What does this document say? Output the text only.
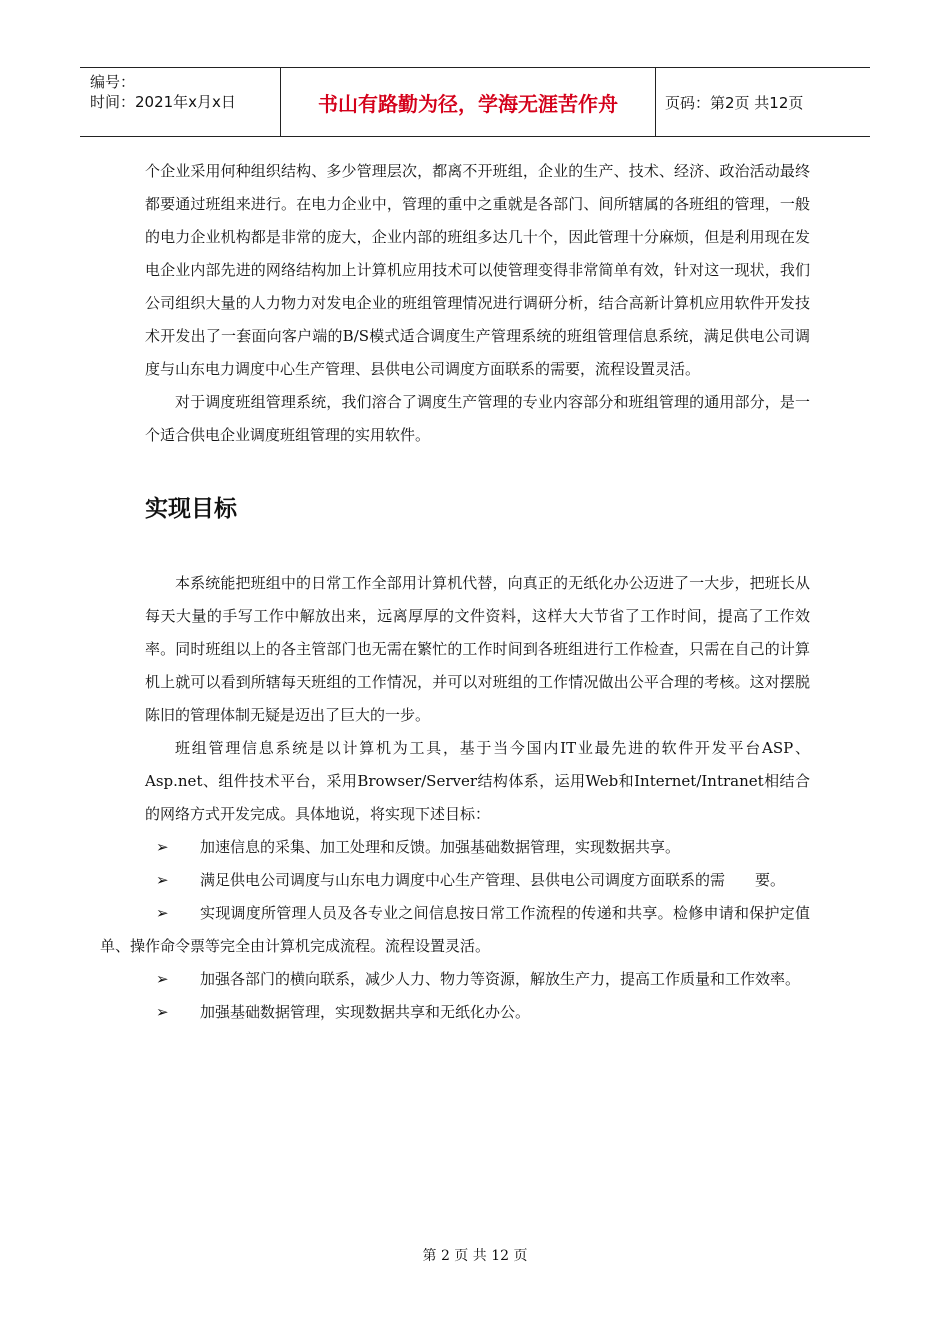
编号：
时间：2021年x月x日	书山有路勤为径，学海无涯苦作舟	页码：第2页 共12页

个企业采用何种组织结构、多少管理层次，都离不开班组，企业的生产、技术、经济、政治活动最终都要通过班组来进行。在电力企业中，管理的重中之重就是各部门、间所辖属的各班组的管理，一般的电力企业机构都是非常的庞大，企业内部的班组多达几十个，因此管理十分麻烦，但是利用现在发电企业内部先进的网络结构加上计算机应用技术可以使管理变得非常简单有效，针对这一现状，我们公司组织大量的人力物力对发电企业的班组管理情况进行调研分析，结合高新计算机应用软件开发技术开发出了一套面向客户端的B/S模式适合调度生产管理系统的班组管理信息系统，满足供电公司调度与山东电力调度中心生产管理、县供电公司调度方面联系的需要，流程设置灵活。

对于调度班组管理系统，我们溶合了调度生产管理的专业内容部分和班组管理的通用部分，是一个适合供电企业调度班组管理的实用软件。

实现目标

本系统能把班组中的日常工作全部用计算机代替，向真正的无纸化办公迈进了一大步，把班长从每天大量的手写工作中解放出来，远离厚厚的文件资料，这样大大节省了工作时间，提高了工作效率。同时班组以上的各主管部门也无需在繁忙的工作时间到各班组进行工作检查，只需在自己的计算机上就可以看到所辖每天班组的工作情况，并可以对班组的工作情况做出公平合理的考核。这对摆脱陈旧的管理体制无疑是迈出了巨大的一步。

班组管理信息系统是以计算机为工具，基于当今国内IT业最先进的软件开发平台ASP、Asp.net、组件技术平台，采用Browser/Server结构体系，运用Web和Internet/Intranet相结合的网络方式开发完成。具体地说，将实现下述目标：

➢	加速信息的采集、加工处理和反馈。加强基础数据管理，实现数据共享。
➢	满足供电公司调度与山东电力调度中心生产管理、县供电公司调度方面联系的需　　要。
➢	实现调度所管理人员及各专业之间信息按日常工作流程的传递和共享。检修申请和保护定值单、操作命令票等完全由计算机完成流程。流程设置灵活。
➢	加强各部门的横向联系，减少人力、物力等资源，解放生产力，提高工作质量和工作效率。
➢	加强基础数据管理，实现数据共享和无纸化办公。
第 2 页 共 12 页
